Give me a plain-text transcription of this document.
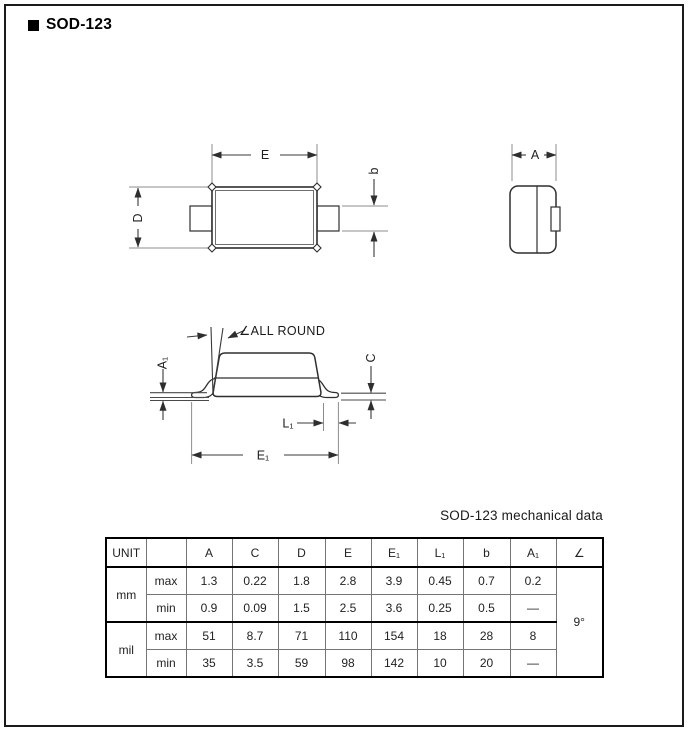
SOD-123
E
D
b
A
∠ALL ROUND
A₁	C
L₁
E₁
SOD-123 mechanical data
UNIT		A	C	D	E	E₁	L₁	b	A₁	∠
mm	max	1.3	0.22	1.8	2.8	3.9	0.45	0.7	0.2	9°
	min	0.9	0.09	1.5	2.5	3.6	0.25	0.5	—	
mil	max	51	8.7	71	110	154	18	28	8	
	min	35	3.5	59	98	142	10	20	—	
